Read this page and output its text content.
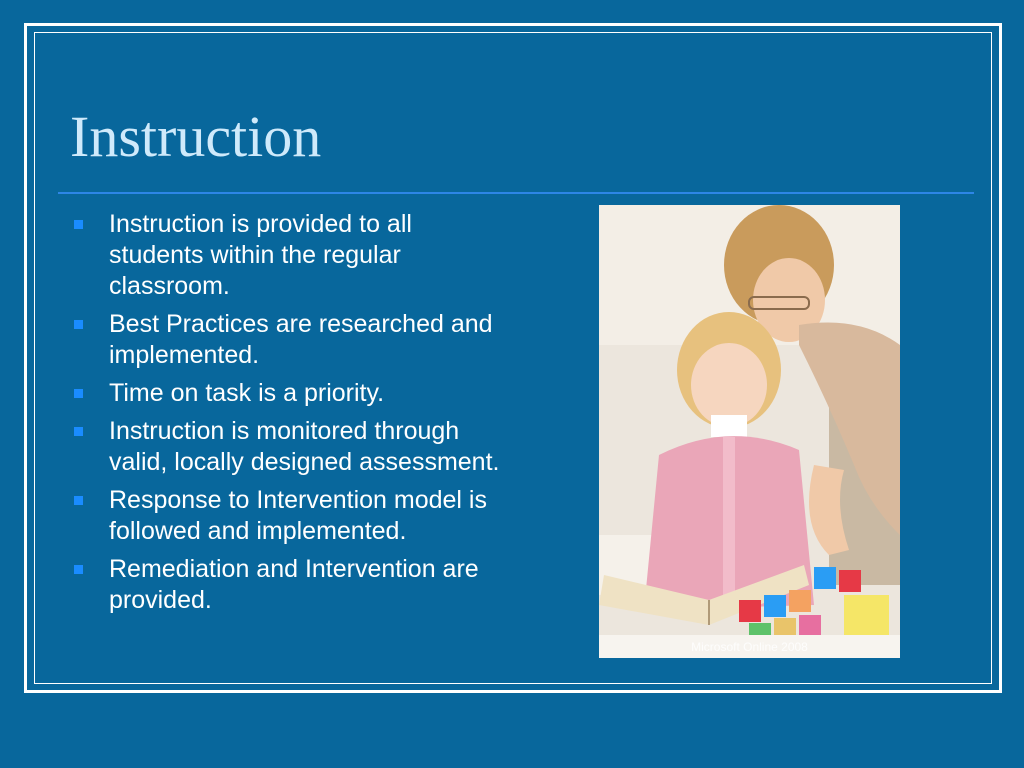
Instruction
Instruction is provided to all students within the regular classroom.
Best Practices are researched and implemented.
Time on task is a priority.
Instruction is monitored through valid, locally designed assessment.
Response to Intervention model is followed and implemented.
Remediation and Intervention are provided.
Microsoft Online 2008
